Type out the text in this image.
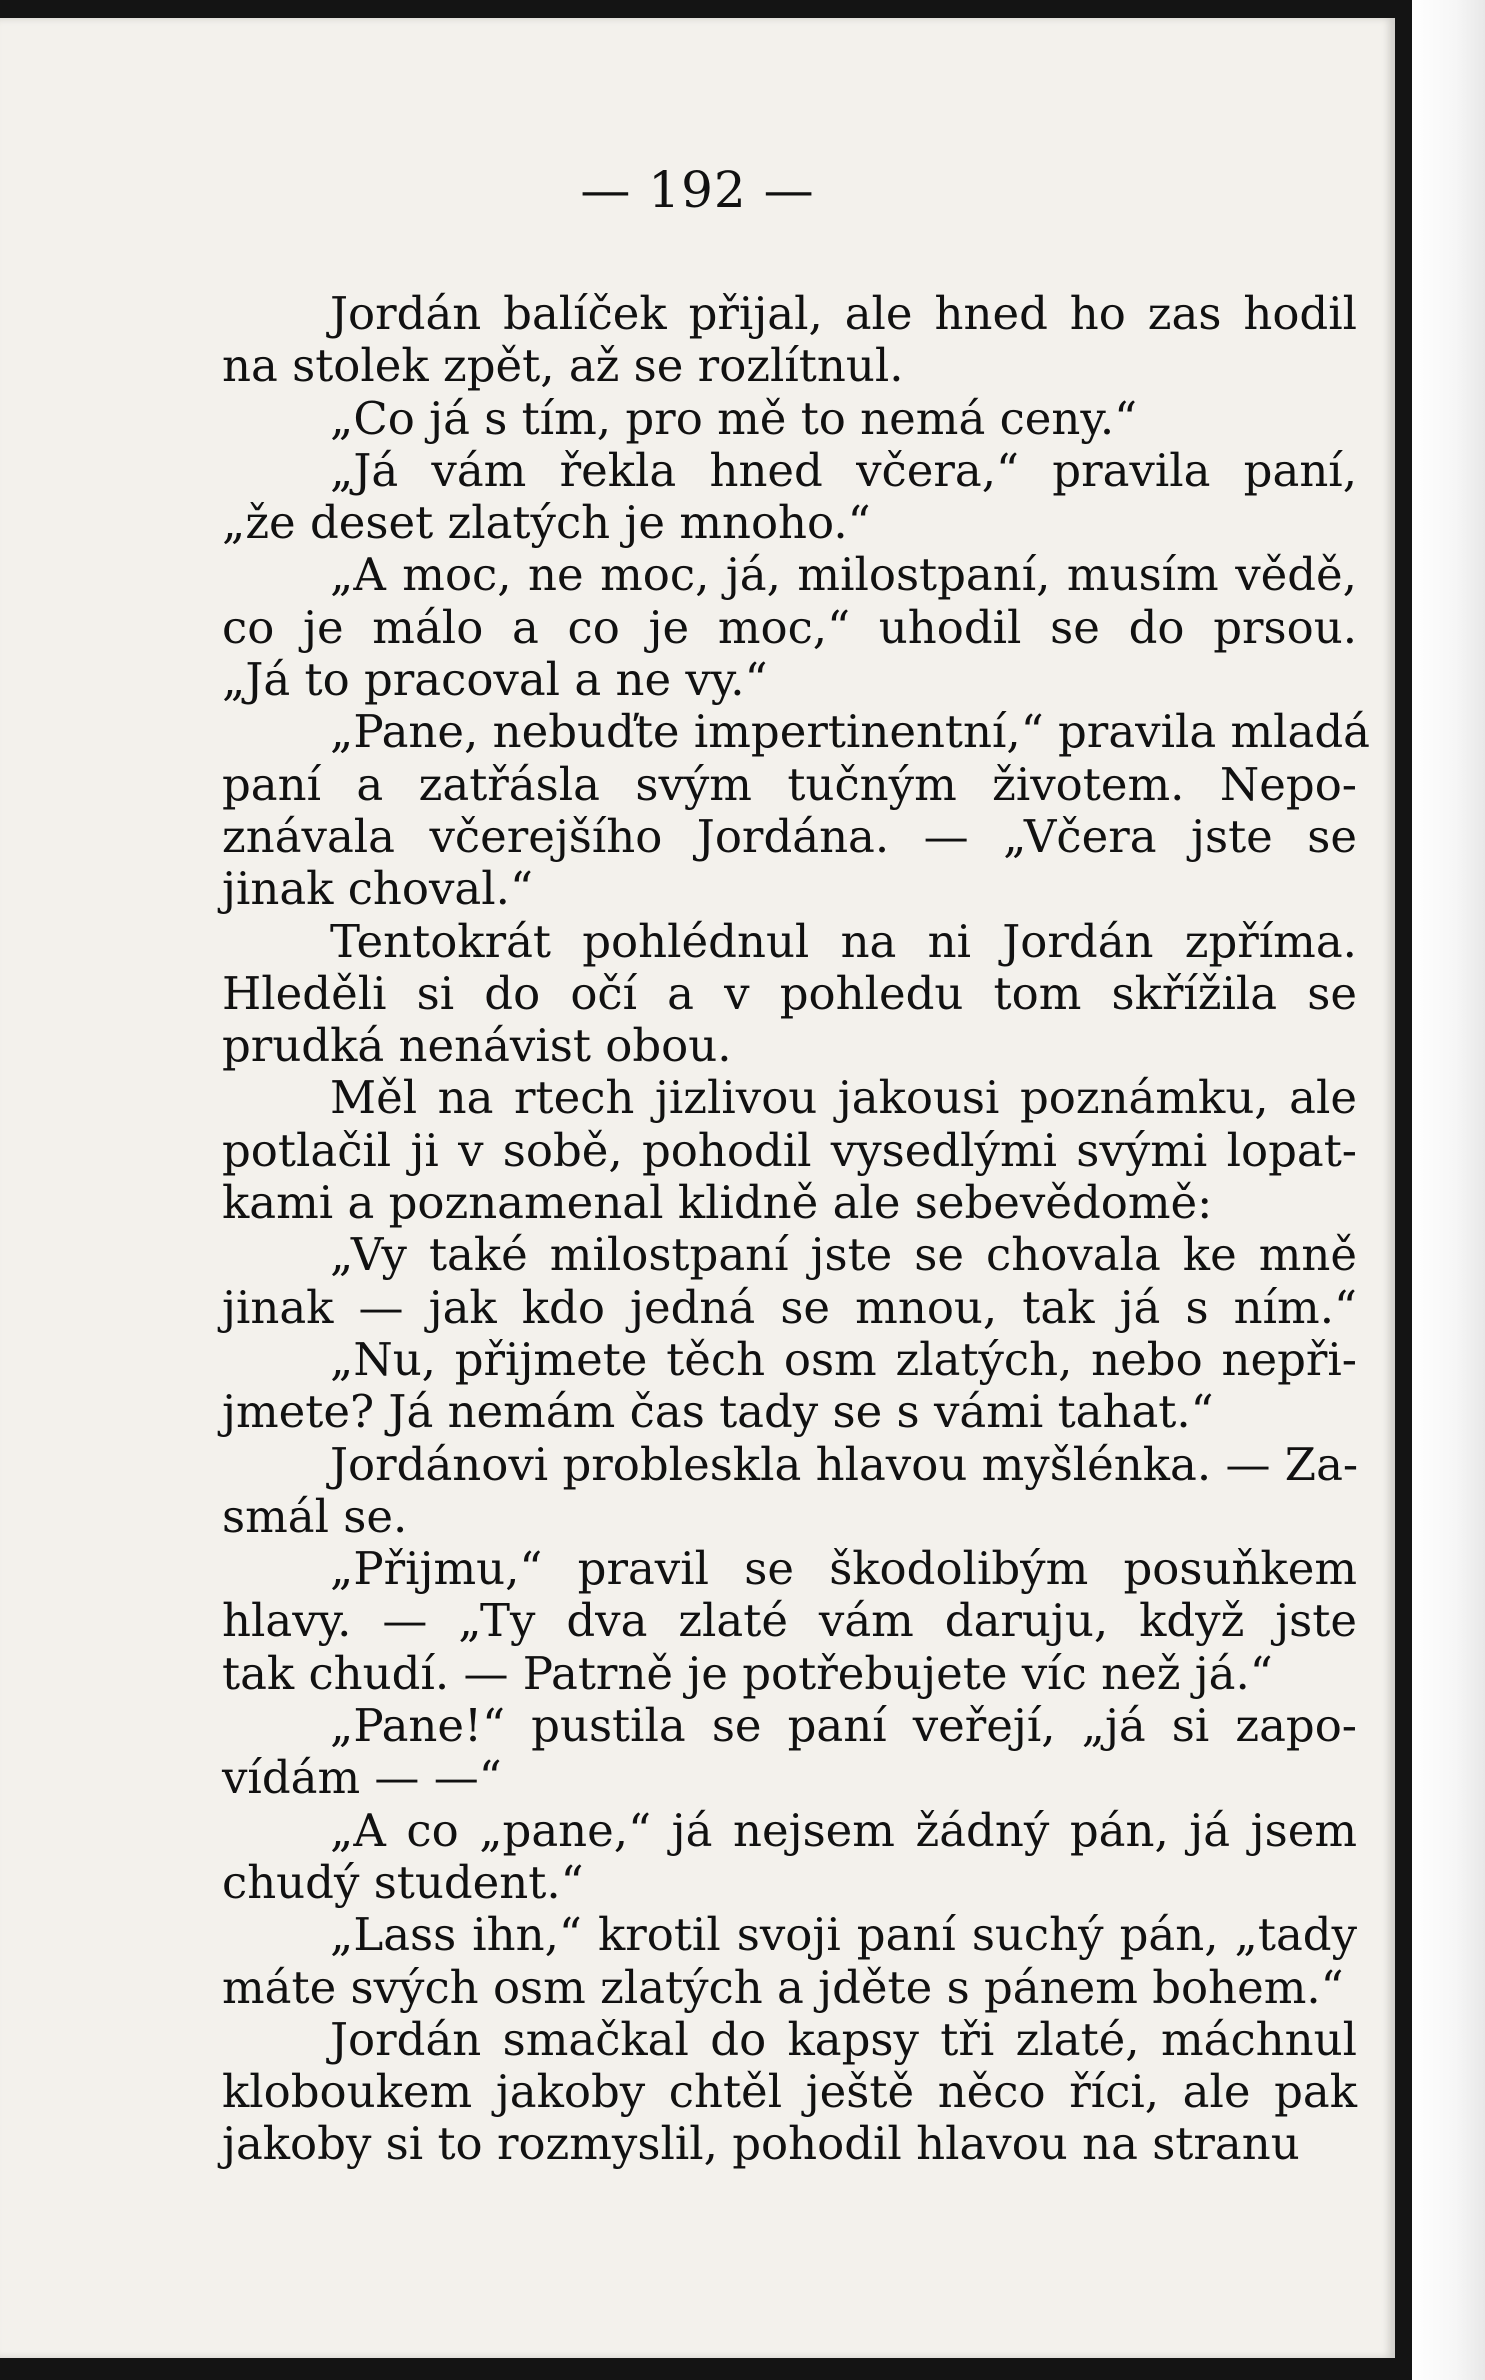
— 192 —
Jordán balíček přijal, ale hned ho zas hodil
na stolek zpět, až se rozlítnul.
„Co já s tím, pro mě to nemá ceny.“
„Já vám řekla hned včera,“ pravila paní,
„že deset zlatých je mnoho.“
„A moc, ne moc, já, milostpaní, musím vědě,
co je málo a co je moc,“ uhodil se do prsou.
„Já to pracoval a ne vy.“
„Pane, nebuďte impertinentní,“ pravila mladá
paní a zatřásla svým tučným životem. Nepo-
znávala včerejšího Jordána. — „Včera jste se
jinak choval.“
Tentokrát pohlédnul na ni Jordán zpříma.
Hleděli si do očí a v pohledu tom skřížila se
prudká nenávist obou.
Měl na rtech jizlivou jakousi poznámku, ale
potlačil ji v sobě, pohodil vysedlými svými lopat-
kami a poznamenal klidně ale sebevědomě:
„Vy také milostpaní jste se chovala ke mně
jinak — jak kdo jedná se mnou, tak já s ním.“
„Nu, přijmete těch osm zlatých, nebo nepři-
jmete? Já nemám čas tady se s vámi tahat.“
Jordánovi probleskla hlavou myšlénka. — Za-
smál se.
„Přijmu,“ pravil se škodolibým posuňkem
hlavy. — „Ty dva zlaté vám daruju, když jste
tak chudí. — Patrně je potřebujete víc než já.“
„Pane!“ pustila se paní veřejí, „já si zapo-
vídám — —“
„A co „pane,“ já nejsem žádný pán, já jsem
chudý student.“
„Lass ihn,“ krotil svoji paní suchý pán, „tady
máte svých osm zlatých a jděte s pánem bohem.“
Jordán smačkal do kapsy tři zlaté, máchnul
kloboukem jakoby chtěl ještě něco říci, ale pak
jakoby si to rozmyslil, pohodil hlavou na stranu
